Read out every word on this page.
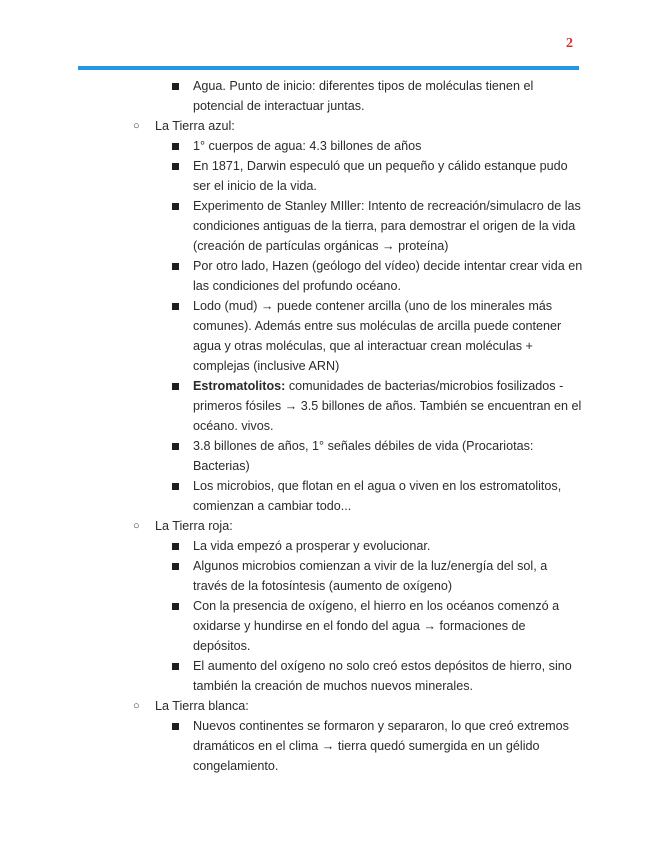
2
Agua. Punto de inicio: diferentes tipos de moléculas tienen el potencial de interactuar juntas.
○ La Tierra azul:
1° cuerpos de agua: 4.3 billones de años
En 1871, Darwin especuló que un pequeño y cálido estanque pudo ser el inicio de la vida.
Experimento de Stanley MIller: Intento de recreación/simulacro de las condiciones antiguas de la tierra, para demostrar el origen de la vida (creación de partículas orgánicas → proteína)
Por otro lado, Hazen (geólogo del vídeo) decide intentar crear vida en las condiciones del profundo océano.
Lodo (mud) → puede contener arcilla (uno de los minerales más comunes). Además entre sus moléculas de arcilla puede contener agua y otras moléculas, que al interactuar crean moléculas + complejas (inclusive ARN)
Estromatolitos: comunidades de bacterias/microbios fosilizados - primeros fósiles → 3.5 billones de años. También se encuentran en el océano. vivos.
3.8 billones de años, 1° señales débiles de vida (Procariotas: Bacterias)
Los microbios, que flotan en el agua o viven en los estromatolitos, comienzan a cambiar todo...
○ La Tierra roja:
La vida empezó a prosperar y evolucionar.
Algunos microbios comienzan a vivir de la luz/energía del sol, a través de la fotosíntesis (aumento de oxígeno)
Con la presencia de oxígeno, el hierro en los océanos comenzó a oxidarse y hundirse en el fondo del agua → formaciones de depósitos.
El aumento del oxígeno no solo creó estos depósitos de hierro, sino también la creación de muchos nuevos minerales.
○ La Tierra blanca:
Nuevos continentes se formaron y separaron, lo que creó extremos dramáticos en el clima → tierra quedó sumergida en un gélido congelamiento.
